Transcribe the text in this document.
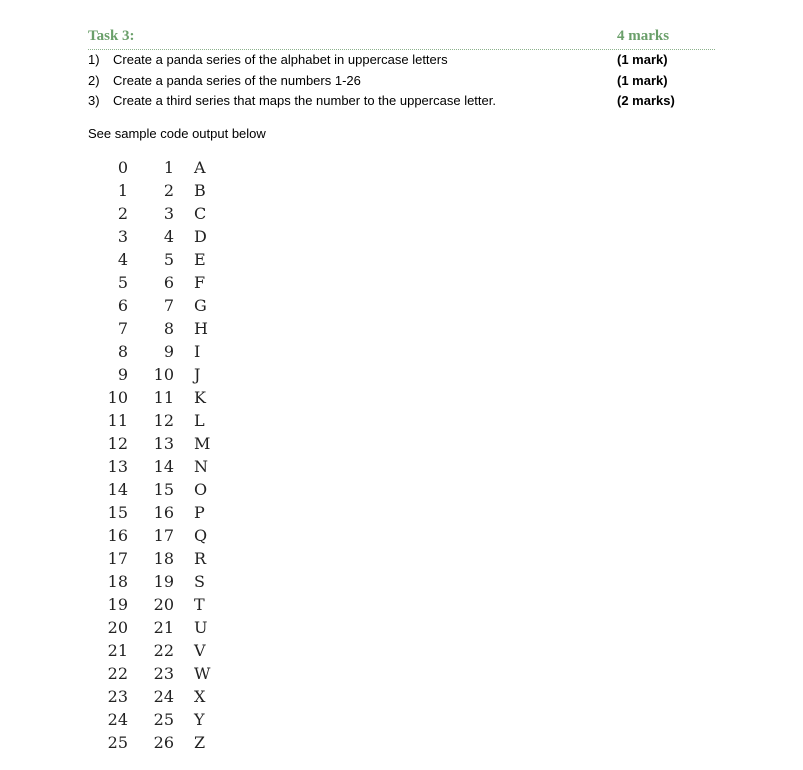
Task 3:	4 marks
1) Create a panda series of the alphabet in uppercase letters	(1 mark)
2) Create a panda series of the numbers 1-26	(1 mark)
3) Create a third series that maps the number to the uppercase letter.	(2 marks)
See sample code output below
0	1 A
1	2 B
2	3 C
3	4 D
4	5 E
5	6 F
6	7 G
7	8 H
8	9 I
9	10 J
10	11 K
11	12 L
12	13 M
13	14 N
14	15 O
15	16 P
16	17 Q
17	18 R
18	19 S
19	20 T
20	21 U
21	22 V
22	23 W
23	24 X
24	25 Y
25	26 Z
